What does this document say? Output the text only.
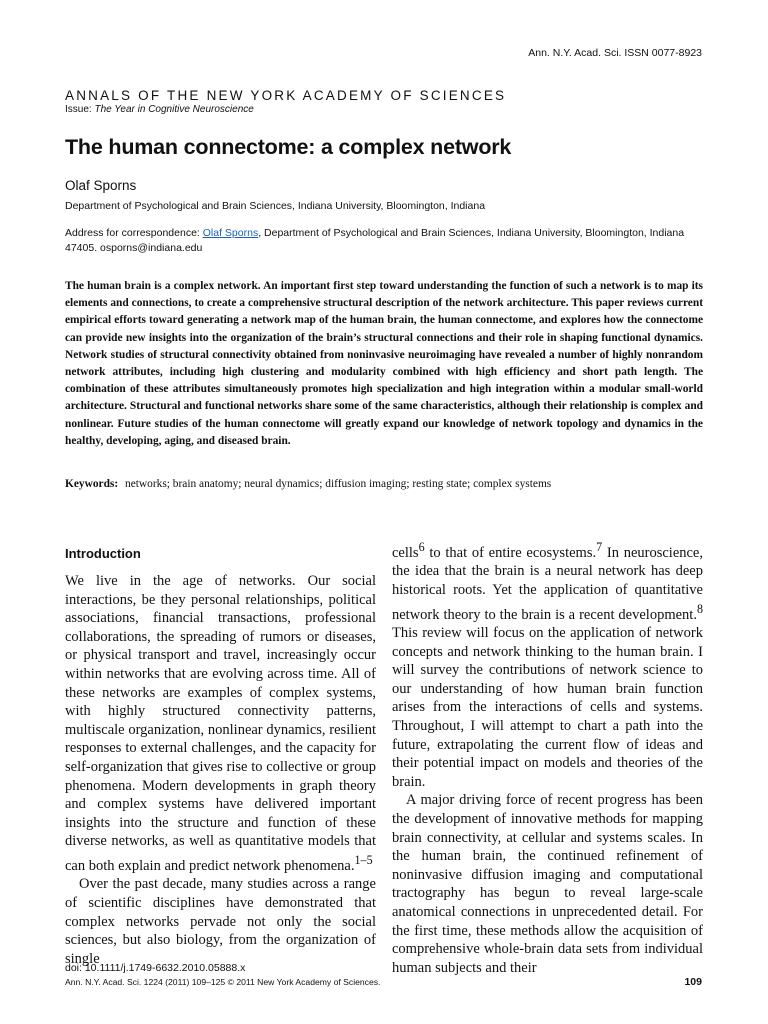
Ann. N.Y. Acad. Sci. ISSN 0077-8923
ANNALS OF THE NEW YORK ACADEMY OF SCIENCES
Issue: The Year in Cognitive Neuroscience
The human connectome: a complex network
Olaf Sporns
Department of Psychological and Brain Sciences, Indiana University, Bloomington, Indiana
Address for correspondence: Olaf Sporns, Department of Psychological and Brain Sciences, Indiana University, Bloomington, Indiana 47405. osporns@indiana.edu

The human brain is a complex network. An important first step toward understanding the function of such a network is to map its elements and connections, to create a comprehensive structural description of the network architecture. This paper reviews current empirical efforts toward generating a network map of the human brain, the human connectome, and explores how the connectome can provide new insights into the organization of the brain’s structural connections and their role in shaping functional dynamics. Network studies of structural connectivity obtained from noninvasive neuroimaging have revealed a number of highly nonrandom network attributes, including high clustering and modularity combined with high efficiency and short path length. The combination of these attributes simultaneously promotes high specialization and high integration within a modular small-world architecture. Structural and functional networks share some of the same characteristics, although their relationship is complex and nonlinear. Future studies of the human connectome will greatly expand our knowledge of network topology and dynamics in the healthy, developing, aging, and diseased brain.

Keywords: networks; brain anatomy; neural dynamics; diffusion imaging; resting state; complex systems
Introduction

We live in the age of networks. Our social interactions, be they personal relationships, political associations, financial transactions, professional collaborations, the spreading of rumors or diseases, or physical transport and travel, increasingly occur within networks that are evolving across time. All of these networks are examples of complex systems, with highly structured connectivity patterns, multiscale organization, nonlinear dynamics, resilient responses to external challenges, and the capacity for self-organization that gives rise to collective or group phenomena. Modern developments in graph theory and complex systems have delivered important insights into the structure and function of these diverse networks, as well as quantitative models that can both explain and predict network phenomena.$^{1-5}$

Over the past decade, many studies across a range of scientific disciplines have demonstrated that complex networks pervade not only the social sciences, but also biology, from the organization of single

cells$^6$ to that of entire ecosystems.$^7$ In neuroscience, the idea that the brain is a neural network has deep historical roots. Yet the application of quantitative network theory to the brain is a recent development.$^8$ This review will focus on the application of network concepts and network thinking to the human brain. I will survey the contributions of network science to our understanding of how human brain function arises from the interactions of cells and systems. Throughout, I will attempt to chart a path into the future, extrapolating the current flow of ideas and their potential impact on models and theories of the brain.

A major driving force of recent progress has been the development of innovative methods for mapping brain connectivity, at cellular and systems scales. In the human brain, the continued refinement of noninvasive diffusion imaging and computational tractography has begun to reveal large-scale anatomical connections in unprecedented detail. For the first time, these methods allow the acquisition of comprehensive whole-brain data sets from individual human subjects and their

doi: 10.1111/j.1749-6632.2010.05888.x
Ann. N.Y. Acad. Sci. 1224 (2011) 109–125 © 2011 New York Academy of Sciences.	109
